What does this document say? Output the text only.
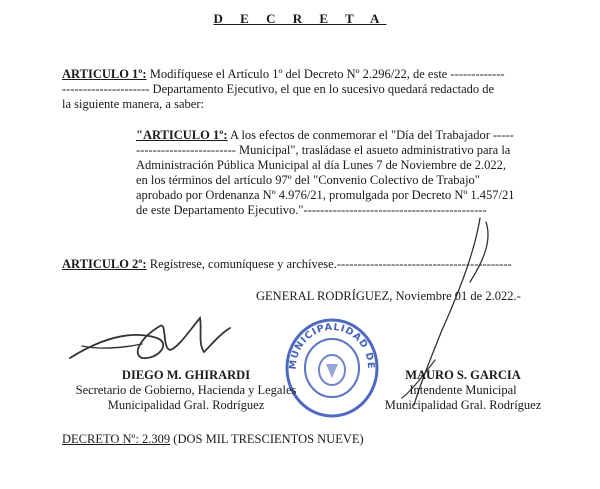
D E C R E T A
ARTICULO 1º: Modifíquese el Artículo 1º del Decreto Nº 2.296/22, de este -------------
--------------------- Departamento Ejecutivo, el que en lo sucesivo quedará redactado de
la siguiente manera, a saber:
"ARTICULO 1º: A los efectos de conmemorar el "Día del Trabajador -----
------------------------ Municipal", trasládase el asueto administrativo para la
Administración Pública Municipal al día Lunes 7 de Noviembre de 2.022,
en los términos del artículo 97º del "Convenio Colectivo de Trabajo"
aprobado por Ordenanza Nº 4.976/21, promulgada por Decreto Nº 1.457/21
de este Departamento Ejecutivo."--------------------------------------------
ARTICULO 2º: Regístrese, comuníquese y archívese.------------------------------------------
GENERAL RODRÍGUEZ, Noviembre 01 de 2.022.-
MUNICIPALIDAD DE
DIEGO M. GHIRARDI
Secretario de Gobierno, Hacienda y Legales
Municipalidad Gral. Rodríguez
MAURO S. GARCIA
Intendente Municipal
Municipalidad Gral. Rodríguez
DECRETO Nº: 2.309 (DOS MIL TRESCIENTOS NUEVE)
